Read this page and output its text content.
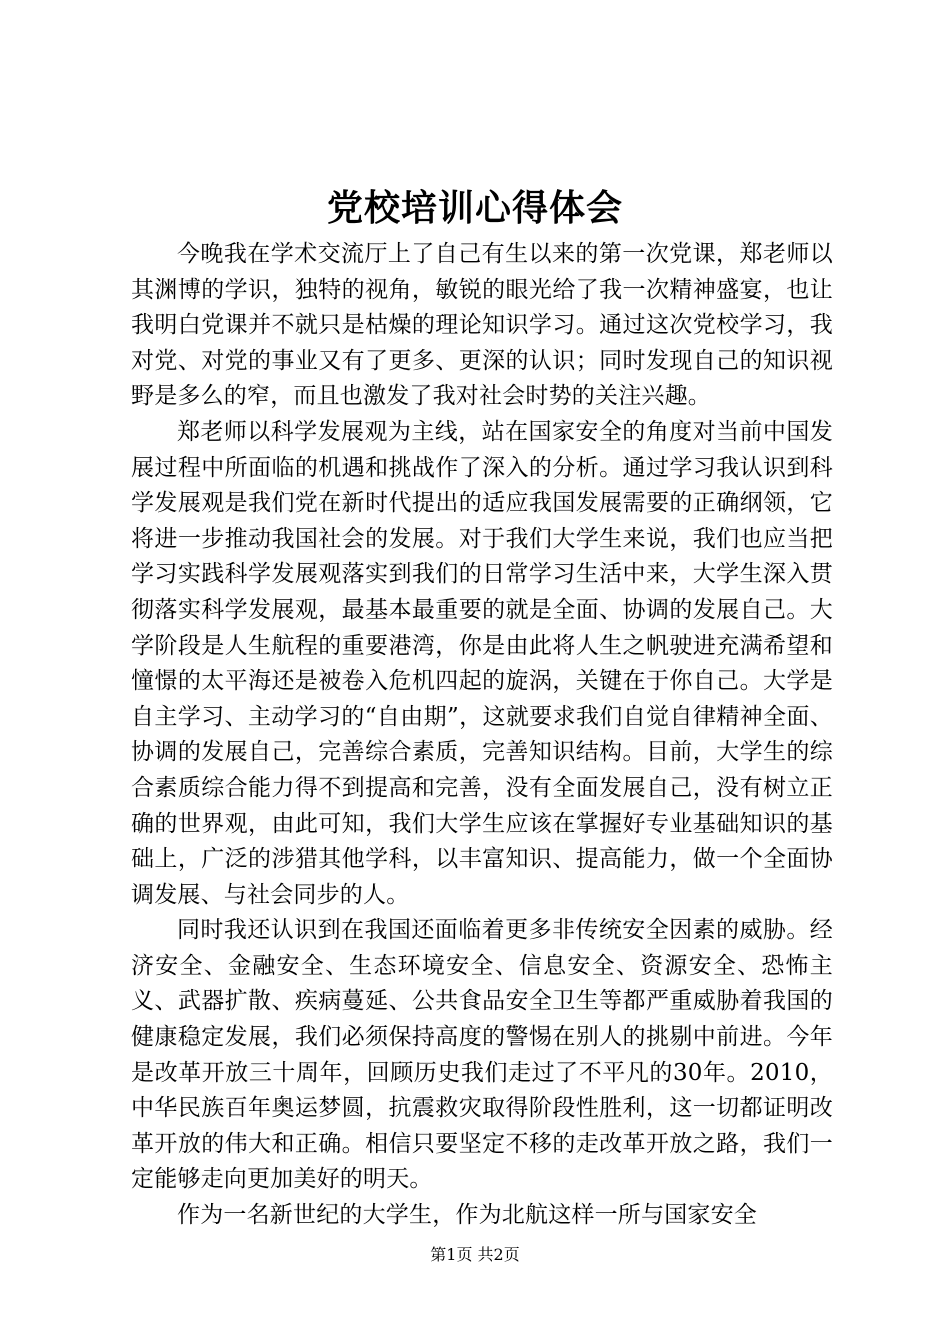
党校培训心得体会

今晚我在学术交流厅上了自己有生以来的第一次党课，郑老师以其渊博的学识，独特的视角，敏锐的眼光给了我一次精神盛宴，也让我明白党课并不就只是枯燥的理论知识学习。通过这次党校学习，我对党、对党的事业又有了更多、更深的认识；同时发现自己的知识视野是多么的窄，而且也激发了我对社会时势的关注兴趣。

郑老师以科学发展观为主线，站在国家安全的角度对当前中国发展过程中所面临的机遇和挑战作了深入的分析。通过学习我认识到科学发展观是我们党在新时代提出的适应我国发展需要的正确纲领，它将进一步推动我国社会的发展。对于我们大学生来说，我们也应当把学习实践科学发展观落实到我们的日常学习生活中来，大学生深入贯彻落实科学发展观，最基本最重要的就是全面、协调的发展自己。大学阶段是人生航程的重要港湾，你是由此将人生之帆驶进充满希望和憧憬的太平海还是被卷入危机四起的旋涡，关键在于你自己。大学是自主学习、主动学习的“自由期”，这就要求我们自觉自律精神全面、协调的发展自己，完善综合素质，完善知识结构。目前，大学生的综合素质综合能力得不到提高和完善，没有全面发展自己，没有树立正确的世界观，由此可知，我们大学生应该在掌握好专业基础知识的基础上，广泛的涉猎其他学科，以丰富知识、提高能力，做一个全面协调发展、与社会同步的人。

同时我还认识到在我国还面临着更多非传统安全因素的威胁。经济安全、金融安全、生态环境安全、信息安全、资源安全、恐怖主义、武器扩散、疾病蔓延、公共食品安全卫生等都严重威胁着我国的健康稳定发展，我们必须保持高度的警惕在别人的挑剔中前进。今年是改革开放三十周年，回顾历史我们走过了不平凡的30年。2010，中华民族百年奥运梦圆，抗震救灾取得阶段性胜利，这一切都证明改革开放的伟大和正确。相信只要坚定不移的走改革开放之路，我们一定能够走向更加美好的明天。

作为一名新世纪的大学生，作为北航这样一所与国家安全

第1页 共2页
